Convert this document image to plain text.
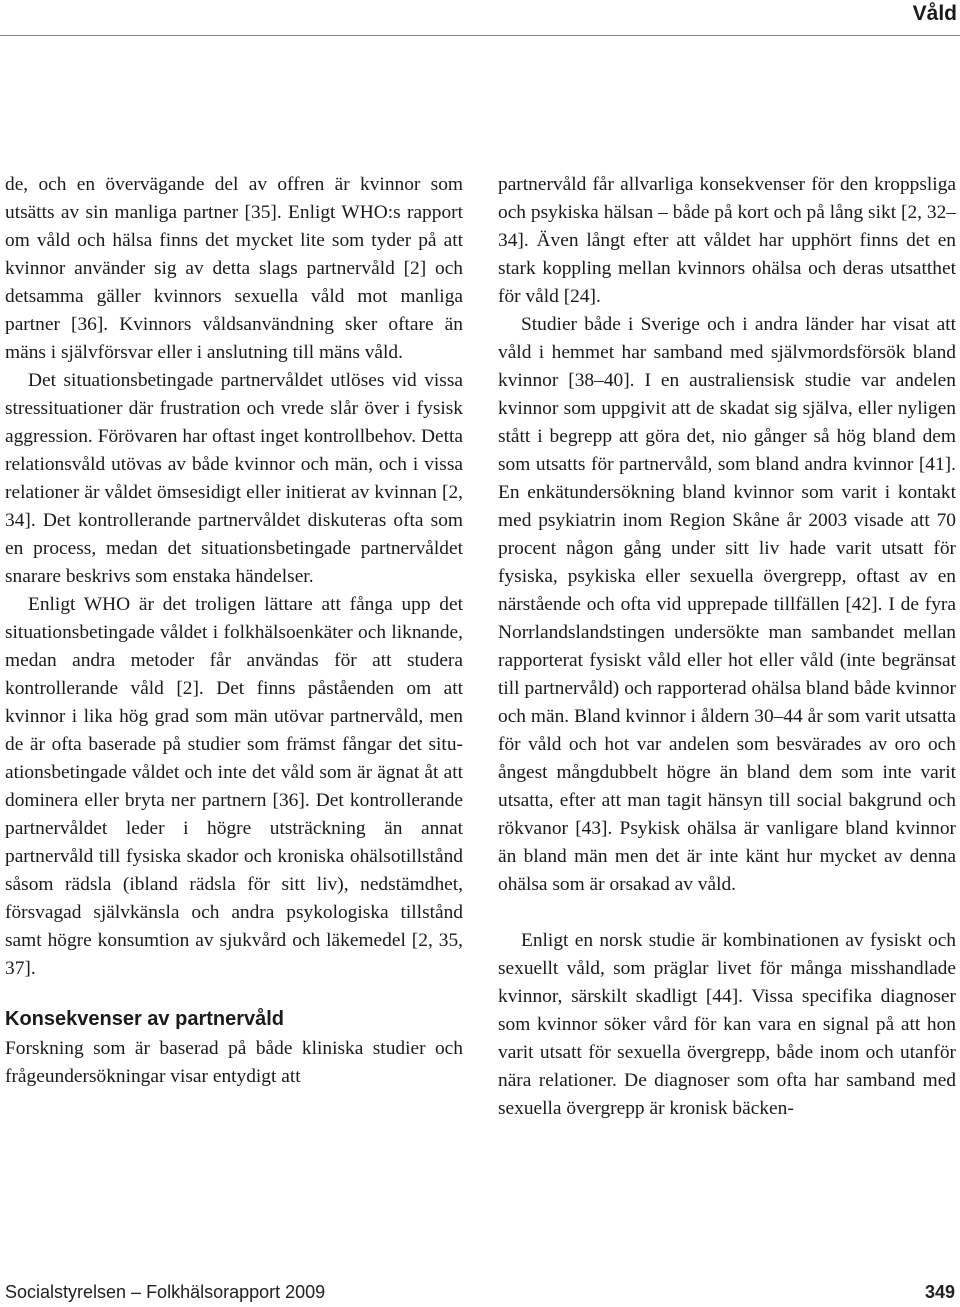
Våld

de, och en övervägande del av offren är kvinnor som utsätts av sin manliga partner [35]. Enligt WHO:s rapport om våld och hälsa finns det mycket lite som tyder på att kvinnor använder sig av detta slags partnervåld [2] och detsamma gäller kvinnors sexuella våld mot manliga partner [36]. Kvinnors våldsanvändning sker oftare än mäns i självförsvar eller i anslutning till mäns våld.

Det situationsbetingade partnervåldet utlöses vid vissa stressituationer där frustration och vrede slår över i fysisk aggression. Förövaren har oftast inget kontrollbehov. Detta relationsvåld utövas av både kvinnor och män, och i vissa relationer är våldet ömsesidigt eller initierat av kvinnan [2, 34]. Det kontrollerande partnervåldet diskuteras ofta som en process, medan det situationsbetingade partnervåldet snarare beskrivs som enstaka händelser.

Enligt WHO är det troligen lättare att fånga upp det situationsbetingade våldet i folkhälsoenkäter och liknande, medan andra metoder får användas för att studera kontrollerande våld [2]. Det finns påståenden om att kvinnor i lika hög grad som män utövar partnervåld, men de är ofta baserade på studier som främst fångar det situationsbetingade våldet och inte det våld som är ägnat åt att dominera eller bryta ner partnern [36]. Det kontrollerande partnervåldet leder i högre utsträckning än annat partnervåld till fysiska skador och kroniska ohälsotillstånd såsom rädsla (ibland rädsla för sitt liv), nedstämdhet, försvagad självkänsla och andra psykologiska tillstånd samt högre konsumtion av sjukvård och läkemedel [2, 35, 37].

Konsekvenser av partnervåld

Forskning som är baserad på både kliniska studier och frågeundersökningar visar entydigt att

partnervåld får allvarliga konsekvenser för den kroppsliga och psykiska hälsan – både på kort och på lång sikt [2, 32–34]. Även långt efter att våldet har upphört finns det en stark koppling mellan kvinnors ohälsa och deras utsatthet för våld [24].

Studier både i Sverige och i andra länder har visat att våld i hemmet har samband med självmordsförsök bland kvinnor [38–40]. I en australiensisk studie var andelen kvinnor som uppgivit att de skadat sig själva, eller nyligen stått i begrepp att göra det, nio gånger så hög bland dem som utsatts för partnervåld, som bland andra kvinnor [41]. En enkätundersökning bland kvinnor som varit i kontakt med psykiatrin inom Region Skåne år 2003 visade att 70 procent någon gång under sitt liv hade varit utsatt för fysiska, psykiska eller sexuella övergrepp, oftast av en närstående och ofta vid upprepade tillfällen [42]. I de fyra Norrlandslandstingen undersökte man sambandet mellan rapporterat fysiskt våld eller hot eller våld (inte begränsat till partnervåld) och rapporterad ohälsa bland både kvinnor och män. Bland kvinnor i åldern 30–44 år som varit utsatta för våld och hot var andelen som besvärades av oro och ångest mångdubbelt högre än bland dem som inte varit utsatta, efter att man tagit hänsyn till social bakgrund och rökvanor [43]. Psykisk ohälsa är vanligare bland kvinnor än bland män men det är inte känt hur mycket av denna ohälsa som är orsakad av våld.

Enligt en norsk studie är kombinationen av fysiskt och sexuellt våld, som präglar livet för många misshandlade kvinnor, särskilt skadligt [44]. Vissa specifika diagnoser som kvinnor söker vård för kan vara en signal på att hon varit utsatt för sexuella övergrepp, både inom och utanför nära relationer. De diagnoser som ofta har samband med sexuella övergrepp är kronisk bäcken-

Socialstyrelsen – Folkhälsorapport 2009	349
